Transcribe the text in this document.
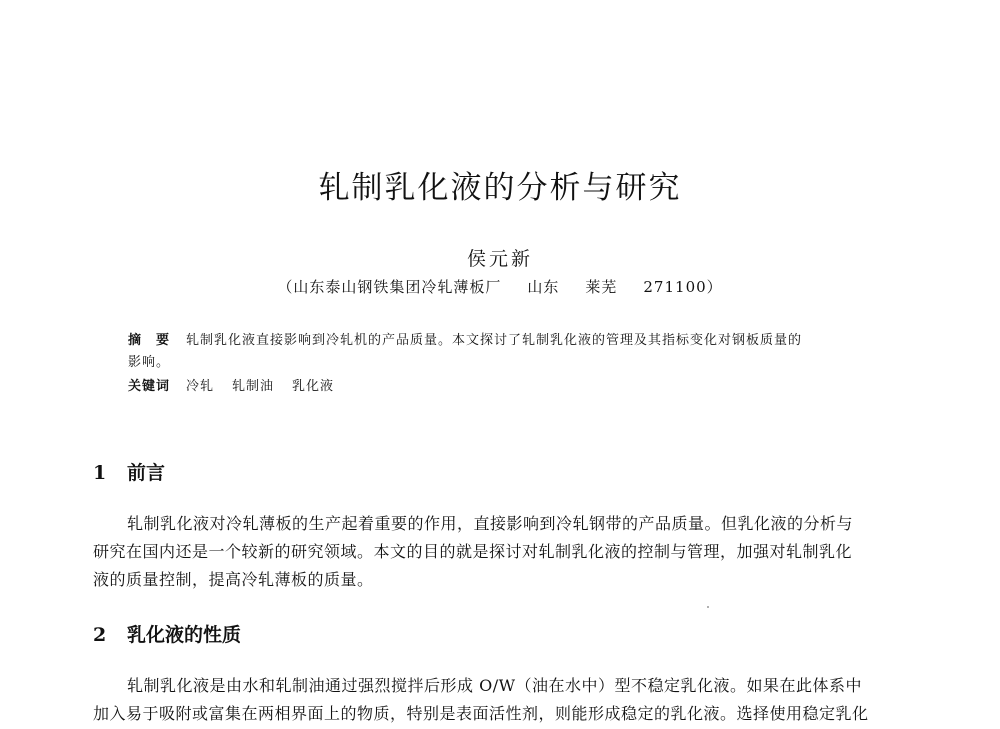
轧制乳化液的分析与研究
侯元新
（山东泰山钢铁集团冷轧薄板厂 山东 莱芜 271100）
摘　要 轧制乳化液直接影响到冷轧机的产品质量。本文探讨了轧制乳化液的管理及其指标变化对钢板质量的
影响。
关键词 冷轧 轧制油 乳化液
1 前言
轧制乳化液对冷轧薄板的生产起着重要的作用，直接影响到冷轧钢带的产品质量。但乳化液的分析与
研究在国内还是一个较新的研究领域。本文的目的就是探讨对轧制乳化液的控制与管理，加强对轧制乳化
液的质量控制，提高冷轧薄板的质量。
2 乳化液的性质
轧制乳化液是由水和轧制油通过强烈搅拌后形成 O/W（油在水中）型不稳定乳化液。如果在此体系中
加入易于吸附或富集在两相界面上的物质，特别是表面活性剂，则能形成稳定的乳化液。选择使用稳定乳化
